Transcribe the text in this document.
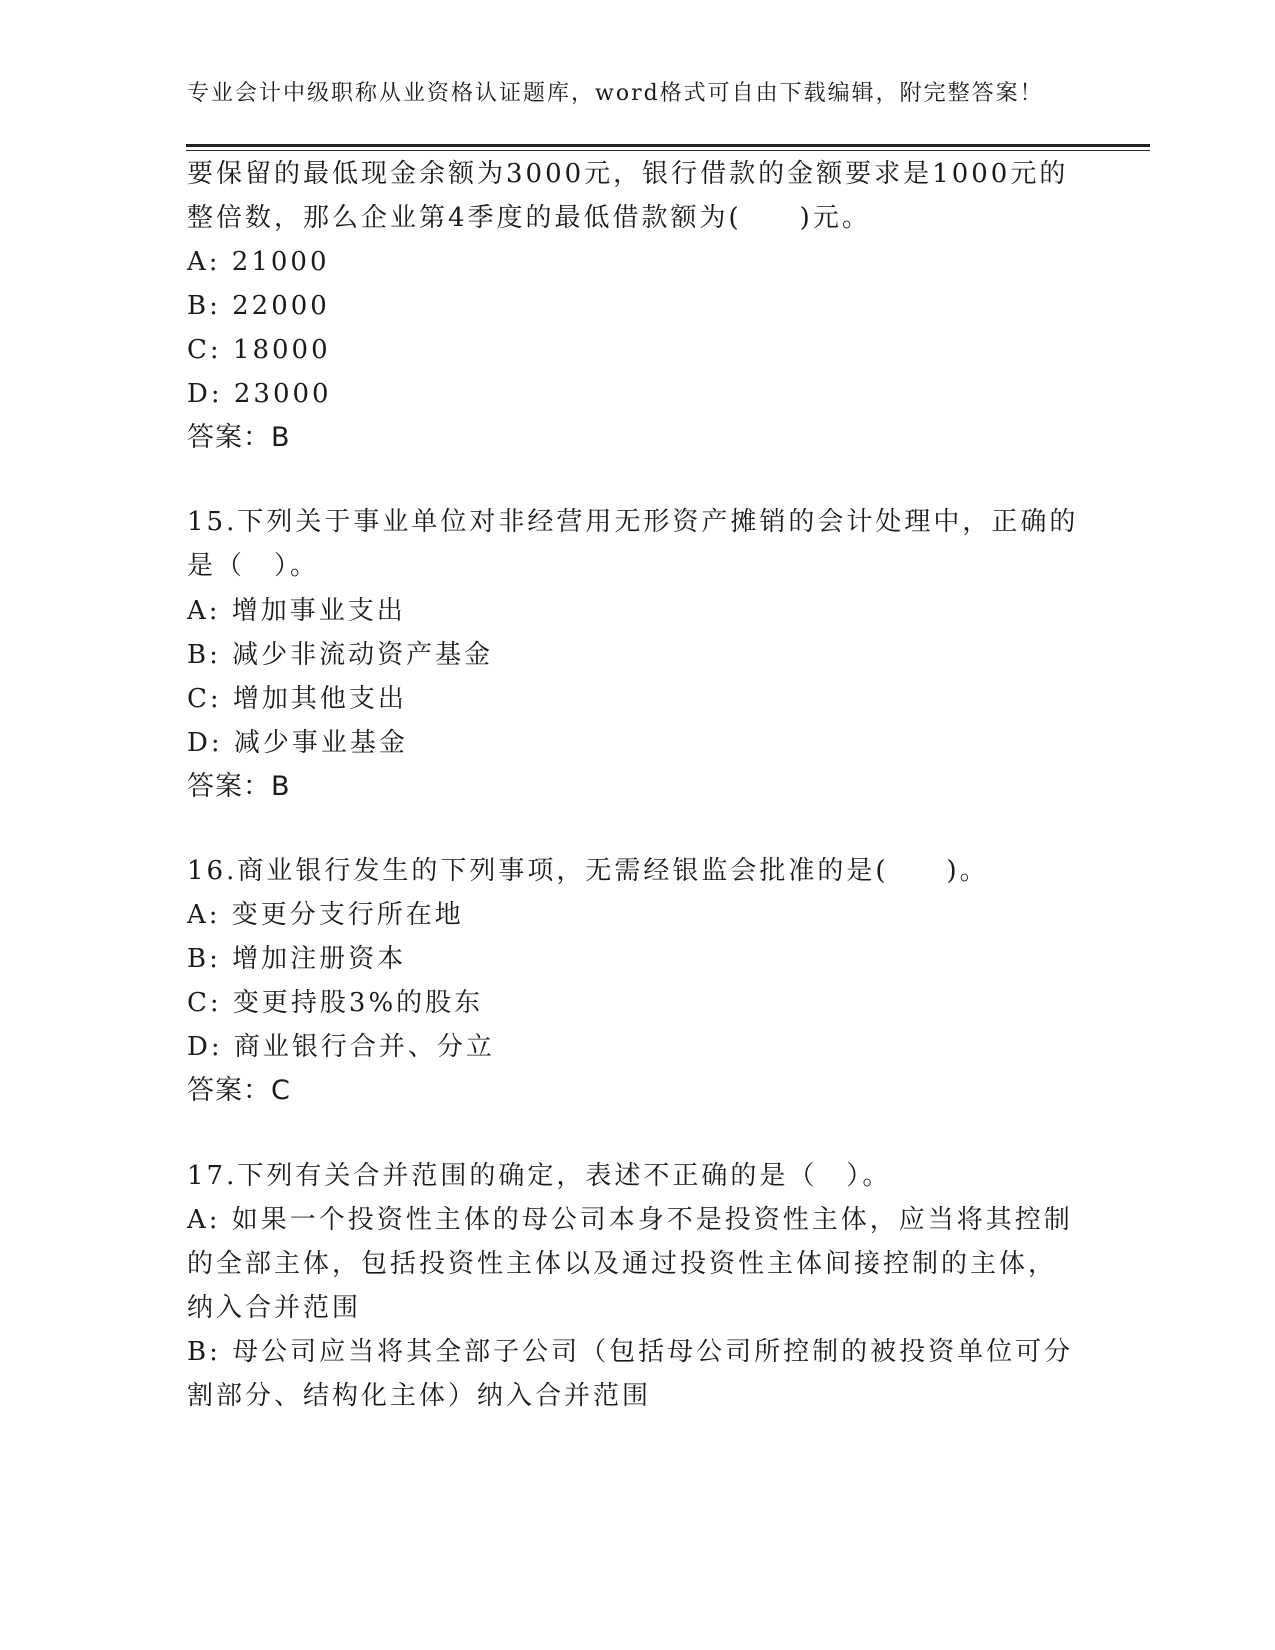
专业会计中级职称从业资格认证题库，word格式可自由下载编辑，附完整答案！
要保留的最低现金余额为3000元，银行借款的金额要求是1000元的
整倍数，那么企业第4季度的最低借款额为(　　)元。
A: 21000
B: 22000
C: 18000
D: 23000
答案：B
15.下列关于事业单位对非经营用无形资产摊销的会计处理中，正确的
是（　）。
A: 增加事业支出
B: 减少非流动资产基金
C: 增加其他支出
D: 减少事业基金
答案：B
16.商业银行发生的下列事项，无需经银监会批准的是(　　)。
A: 变更分支行所在地
B: 增加注册资本
C: 变更持股3%的股东
D: 商业银行合并、分立
答案：C
17.下列有关合并范围的确定，表述不正确的是（　）。
A: 如果一个投资性主体的母公司本身不是投资性主体，应当将其控制
的全部主体，包括投资性主体以及通过投资性主体间接控制的主体，
纳入合并范围
B: 母公司应当将其全部子公司（包括母公司所控制的被投资单位可分
割部分、结构化主体）纳入合并范围
